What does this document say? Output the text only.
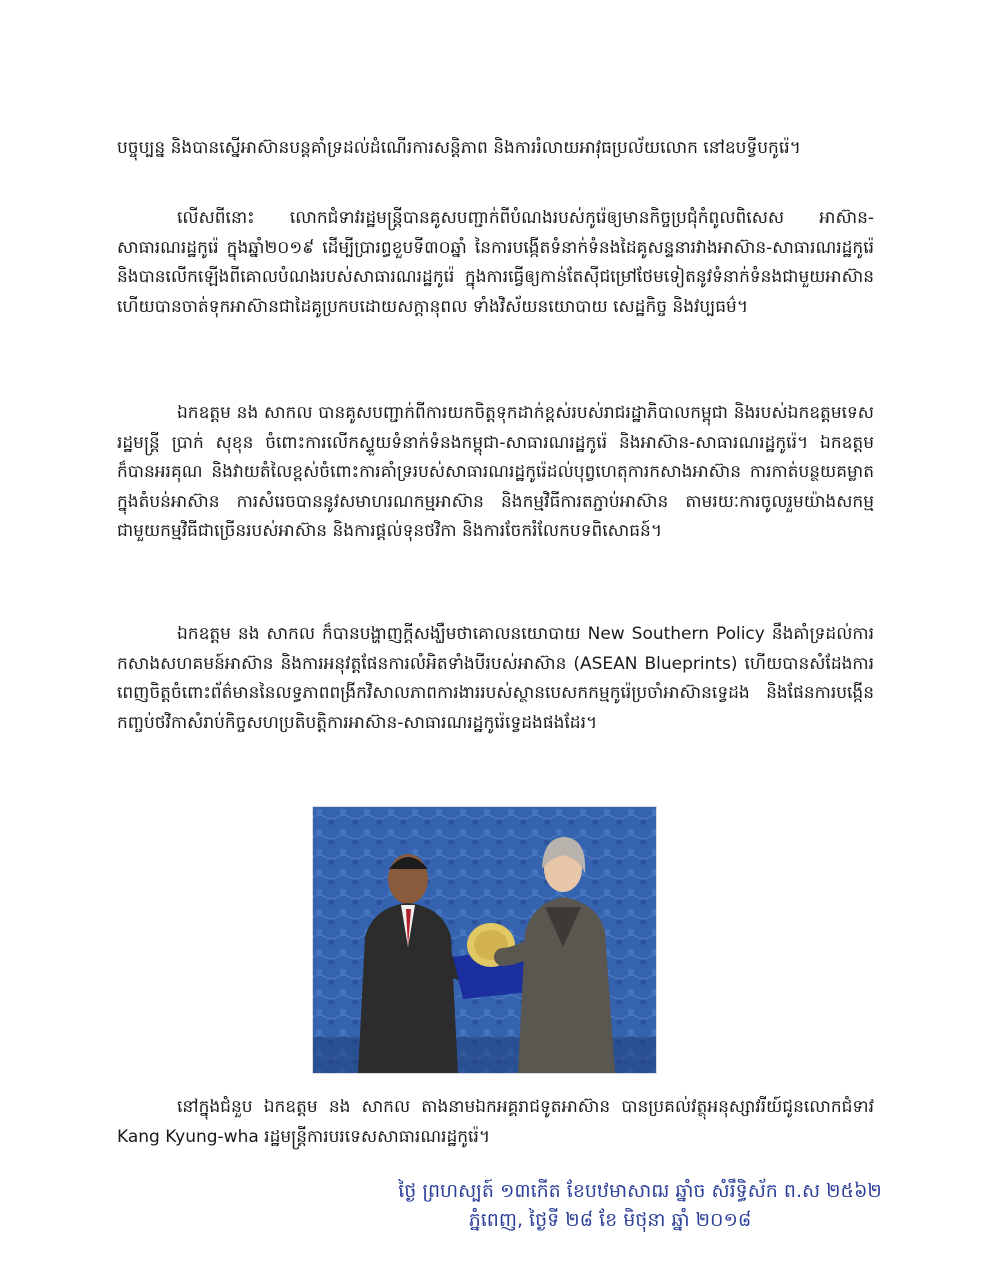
បច្ចុប្បន្ន និងបានស្នើអាស៊ានបន្តគាំទ្រដល់ដំណើរការសន្តិភាព និងការរំលាយអាវុធប្រល័យលោក នៅឧបទ្វីបកូរ៉េ។

លើសពីនោះ លោកជំទាវរដ្ឋមន្ត្រីបានគូសបញ្ជាក់ពីបំណងរបស់កូរ៉េឲ្យមានកិច្ចប្រជុំកំពូលពិសេស អាស៊ាន-សាធារណរដ្ឋកូរ៉េ ក្នុងឆ្នាំ២០១៩ ដើម្បីប្រារព្ធខួបទី៣០ឆ្នាំ នៃការបង្កើតទំនាក់ទំនងដៃគូសន្ទនារវាងអាស៊ាន-សាធារណរដ្ឋកូរ៉េ និងបានលើកឡើងពីគោលបំណងរបស់សាធារណរដ្ឋកូរ៉េ ក្នុងការធ្វើឲ្យកាន់តែស៊ីជម្រៅថែមទៀតនូវទំនាក់ទំនងជាមួយអាស៊ាន ហើយបានចាត់ទុកអាស៊ានជាដៃគូប្រកបដោយសក្តានុពល ទាំងវិស័យនយោបាយ សេដ្ឋកិច្ច និងវប្បធម៌។

ឯកឧត្តម នង សាកល បានគូសបញ្ជាក់ពីការយកចិត្តទុកដាក់ខ្ពស់របស់រាជរដ្ឋាភិបាលកម្ពុជា និងរបស់ឯកឧត្តមទេសរដ្ឋមន្ត្រី ប្រាក់ សុខុន ចំពោះការលើកស្ទួយទំនាក់ទំនងកម្ពុជា-សាធារណរដ្ឋកូរ៉េ និងអាស៊ាន-សាធារណរដ្ឋកូរ៉េ។ ឯកឧត្តមក៏បានអរគុណ និងវាយតំលៃខ្ពស់ចំពោះការគាំទ្ររបស់សាធារណរដ្ឋកូរ៉េដល់បុព្វហេតុការកសាងអាស៊ាន ការកាត់បន្ថយគម្លាតក្នុងតំបន់អាស៊ាន ការសំរេចបាននូវសមាហរណកម្មអាស៊ាន និងកម្មវិធីការតភ្ជាប់អាស៊ាន តាមរយៈការចូលរួមយ៉ាងសកម្មជាមួយកម្មវិធីជាច្រើនរបស់អាស៊ាន និងការផ្តល់ទុនថវិកា និងការចែករំលែកបទពិសោធន៍។

ឯកឧត្តម នង សាកល ក៏បានបង្ហាញក្តីសង្ឃឹមថាគោលនយោបាយ New Southern Policy នឹងគាំទ្រដល់ការកសាងសហគមន៍អាស៊ាន និងការអនុវត្តផែនការលំអិតទាំងបីរបស់អាស៊ាន (ASEAN Blueprints) ហើយបានសំដែងការពេញចិត្តចំពោះព័ត៌មាននៃលទ្ធភាពពង្រីកវិសាលភាពការងាររបស់ស្ថានបេសកកម្មកូរ៉េប្រចាំអាស៊ានទ្វេដង និងផែនការបង្កើនកញ្ចប់ថវិកាសំរាប់កិច្ចសហប្រតិបត្តិការអាស៊ាន-សាធារណរដ្ឋកូរ៉េទ្វេដងផងដែរ។

នៅក្នុងជំនួប ឯកឧត្តម នង សាកល តាងនាមឯកអគ្គរាជទូតអាស៊ាន បានប្រគល់វត្ថុអនុស្សាវរីយ៍ជូនលោកជំទាវ Kang Kyung-wha រដ្ឋមន្ត្រីការបរទេសសាធារណរដ្ឋកូរ៉េ។

ថ្ងៃ ព្រហស្បត៍ ១៣កើត ខែបឋមាសាឍ ឆ្នាំច សំរឹទ្ធិស័ក ព.ស ២៥៦២

ភ្នំពេញ, ថ្ងៃទី ២៨ ខែ មិថុនា ឆ្នាំ ២០១៨
